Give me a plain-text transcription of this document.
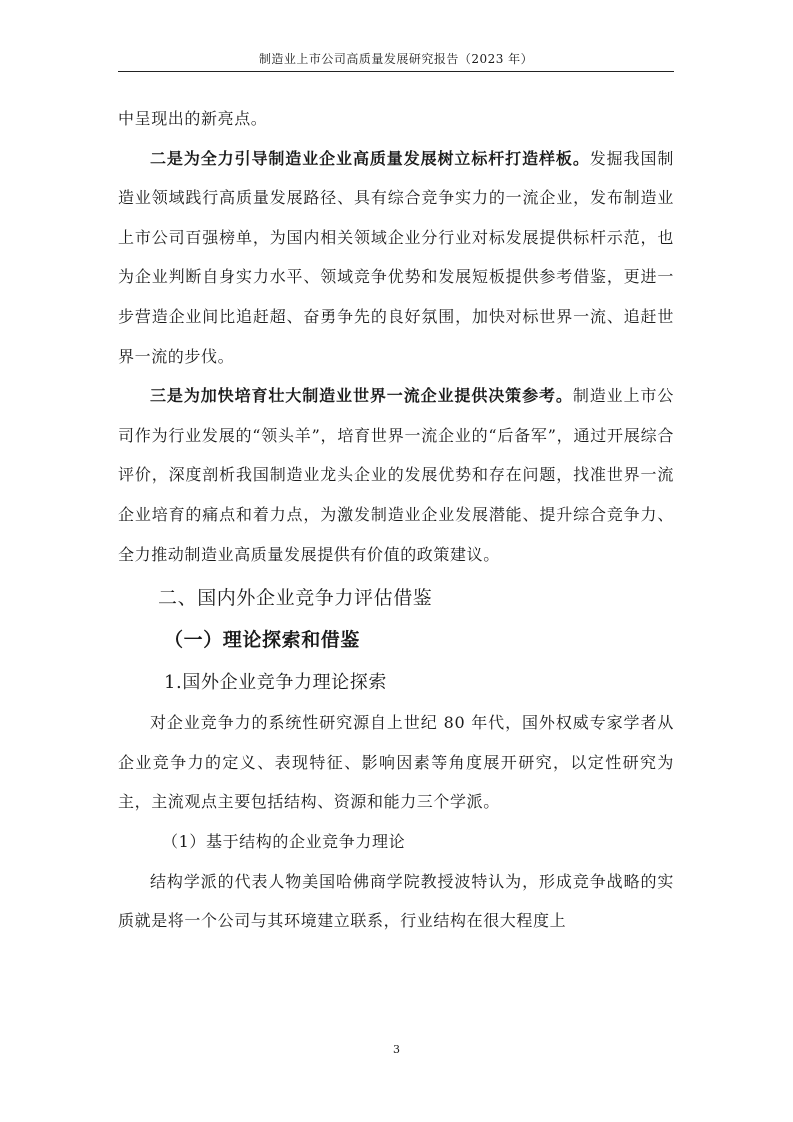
制造业上市公司高质量发展研究报告（2023 年）

中呈现出的新亮点。

二是为全力引导制造业企业高质量发展树立标杆打造样板。发掘我国制造业领域践行高质量发展路径、具有综合竞争实力的一流企业，发布制造业上市公司百强榜单，为国内相关领域企业分行业对标发展提供标杆示范，也为企业判断自身实力水平、领域竞争优势和发展短板提供参考借鉴，更进一步营造企业间比追赶超、奋勇争先的良好氛围，加快对标世界一流、追赶世界一流的步伐。

三是为加快培育壮大制造业世界一流企业提供决策参考。制造业上市公司作为行业发展的“领头羊”，培育世界一流企业的“后备军”，通过开展综合评价，深度剖析我国制造业龙头企业的发展优势和存在问题，找准世界一流企业培育的痛点和着力点，为激发制造业企业发展潜能、提升综合竞争力、全力推动制造业高质量发展提供有价值的政策建议。

二、国内外企业竞争力评估借鉴

（一）理论探索和借鉴

1.国外企业竞争力理论探索

对企业竞争力的系统性研究源自上世纪 80 年代，国外权威专家学者从企业竞争力的定义、表现特征、影响因素等角度展开研究，以定性研究为主，主流观点主要包括结构、资源和能力三个学派。

（1）基于结构的企业竞争力理论

结构学派的代表人物美国哈佛商学院教授波特认为，形成竞争战略的实质就是将一个公司与其环境建立联系，行业结构在很大程度上

3
